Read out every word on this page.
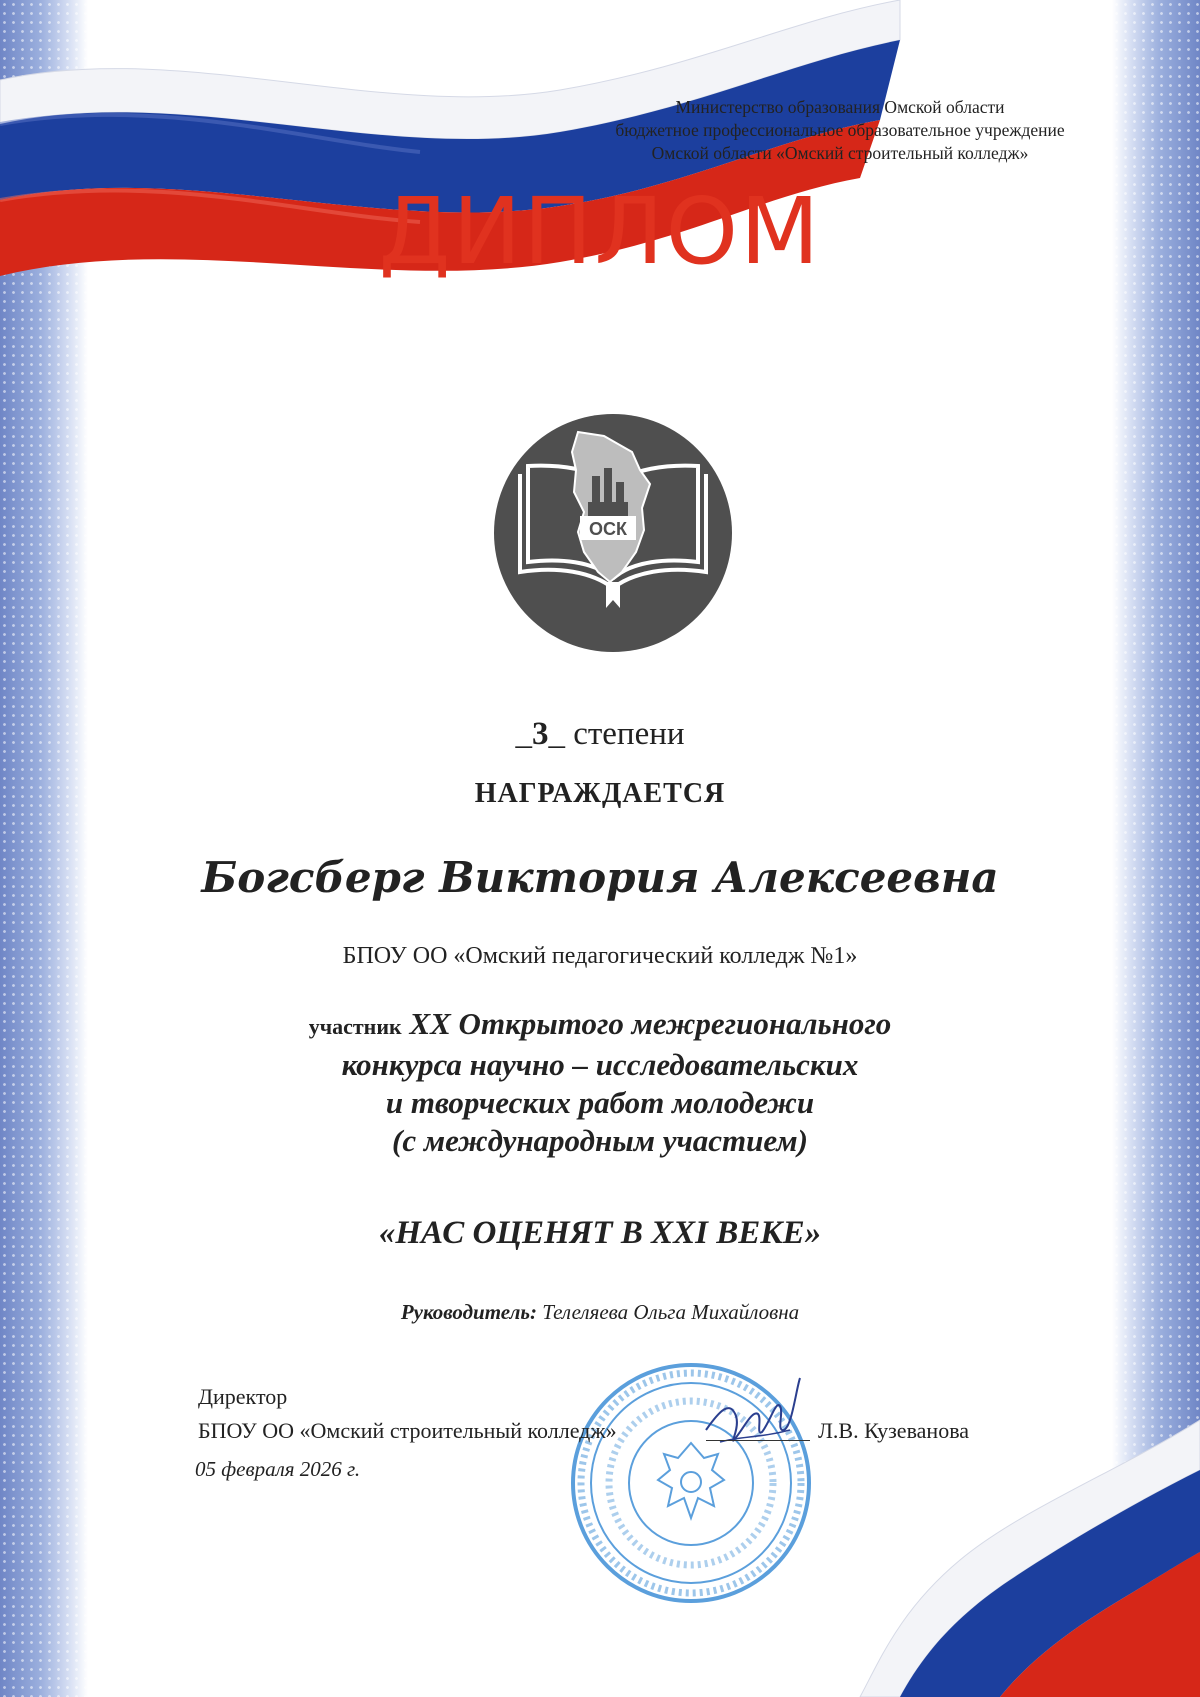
Министерство образования Омской области
бюджетное профессиональное образовательное учреждение
Омской области «Омский строительный колледж»
ДИПЛОМ
ОСК
_3_ степени
НАГРАЖДАЕТСЯ
Богсберг Виктория Алексеевна
БПОУ ОО «Омский педагогический колледж №1»
участник XX Открытого межрегионального
конкурса научно – исследовательских
и творческих работ молодежи
(с международным участием)
«НАС ОЦЕНЯТ В XXI ВЕКЕ»
Руководитель: Телеляева Ольга Михайловна
Директор
БПОУ ОО «Омский строительный колледж»	Л.В. Кузеванова
05 февраля 2026 г.
